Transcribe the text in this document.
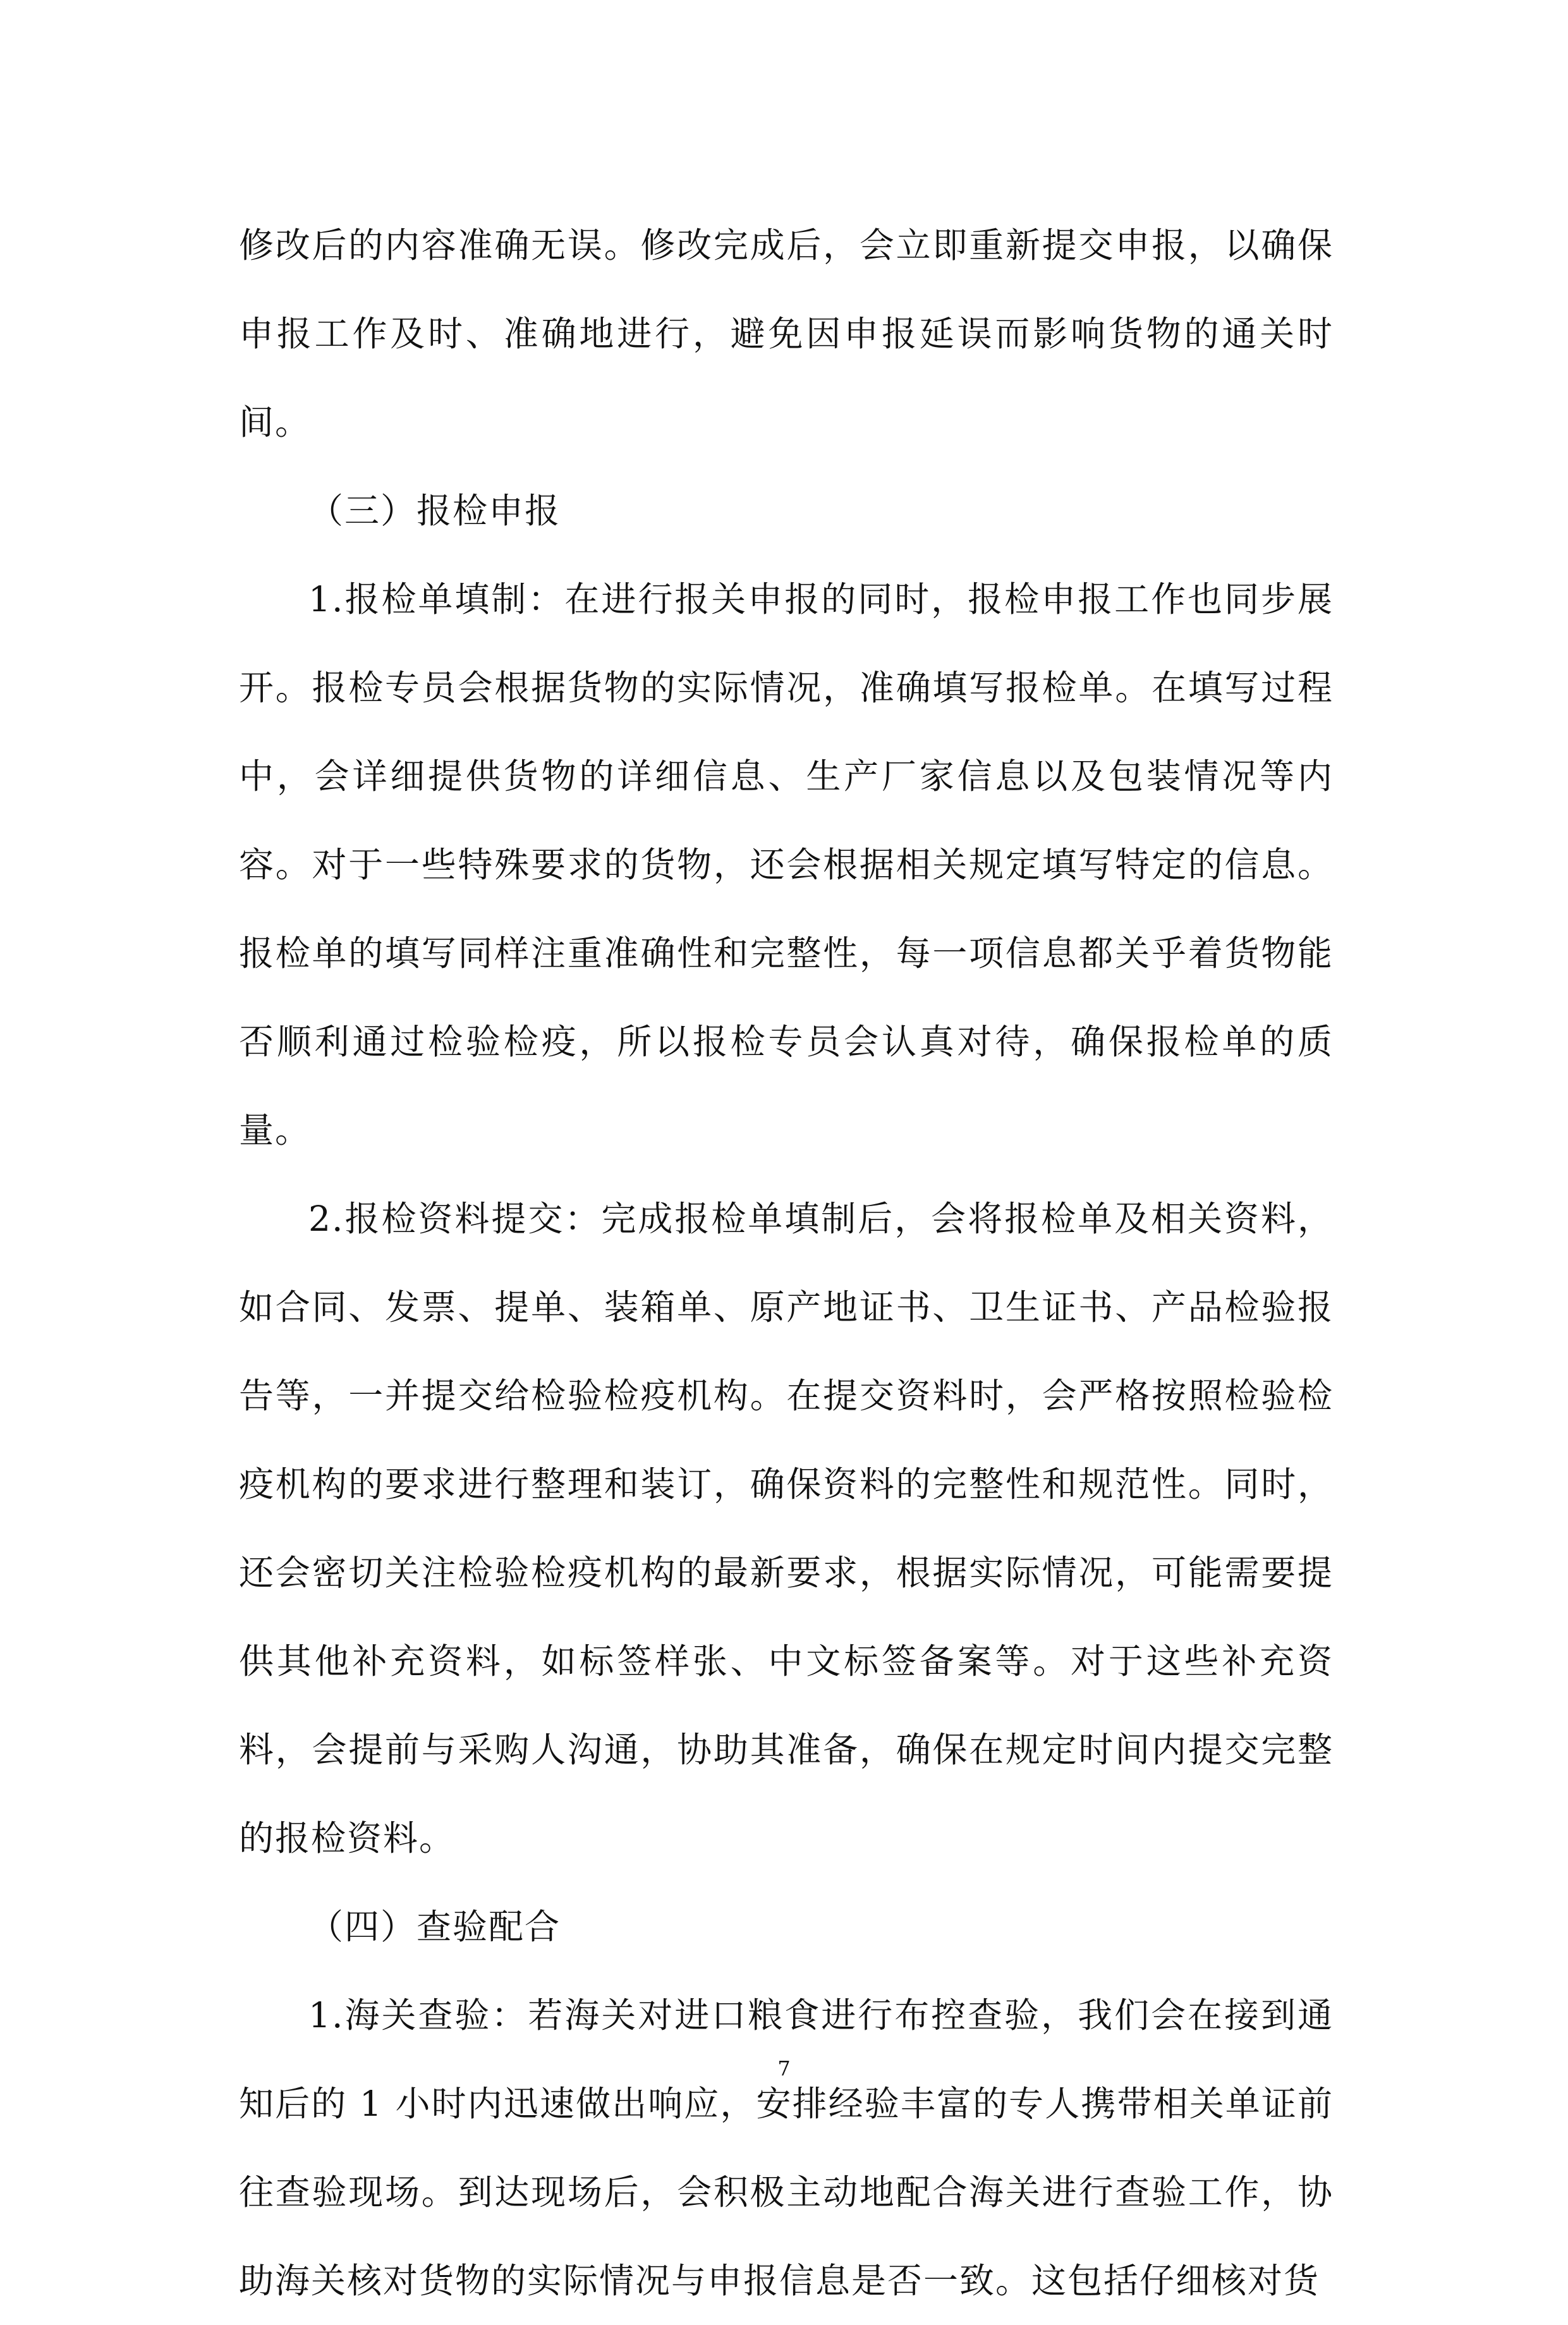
修改后的内容准确无误。修改完成后，会立即重新提交申报，以确保申报工作及时、准确地进行，避免因申报延误而影响货物的通关时间。

（三）报检申报

1.报检单填制：在进行报关申报的同时，报检申报工作也同步展开。报检专员会根据货物的实际情况，准确填写报检单。在填写过程中，会详细提供货物的详细信息、生产厂家信息以及包装情况等内容。对于一些特殊要求的货物，还会根据相关规定填写特定的信息。报检单的填写同样注重准确性和完整性，每一项信息都关乎着货物能否顺利通过检验检疫，所以报检专员会认真对待，确保报检单的质量。

2.报检资料提交：完成报检单填制后，会将报检单及相关资料，如合同、发票、提单、装箱单、原产地证书、卫生证书、产品检验报告等，一并提交给检验检疫机构。在提交资料时，会严格按照检验检疫机构的要求进行整理和装订，确保资料的完整性和规范性。同时，还会密切关注检验检疫机构的最新要求，根据实际情况，可能需要提供其他补充资料，如标签样张、中文标签备案等。对于这些补充资料，会提前与采购人沟通，协助其准备，确保在规定时间内提交完整的报检资料。

（四）查验配合

1.海关查验：若海关对进口粮食进行布控查验，我们会在接到通知后的 1 小时内迅速做出响应，安排经验丰富的专人携带相关单证前往查验现场。到达现场后，会积极主动地配合海关进行查验工作，协助海关核对货物的实际情况与申报信息是否一致。这包括仔细核对货

7
